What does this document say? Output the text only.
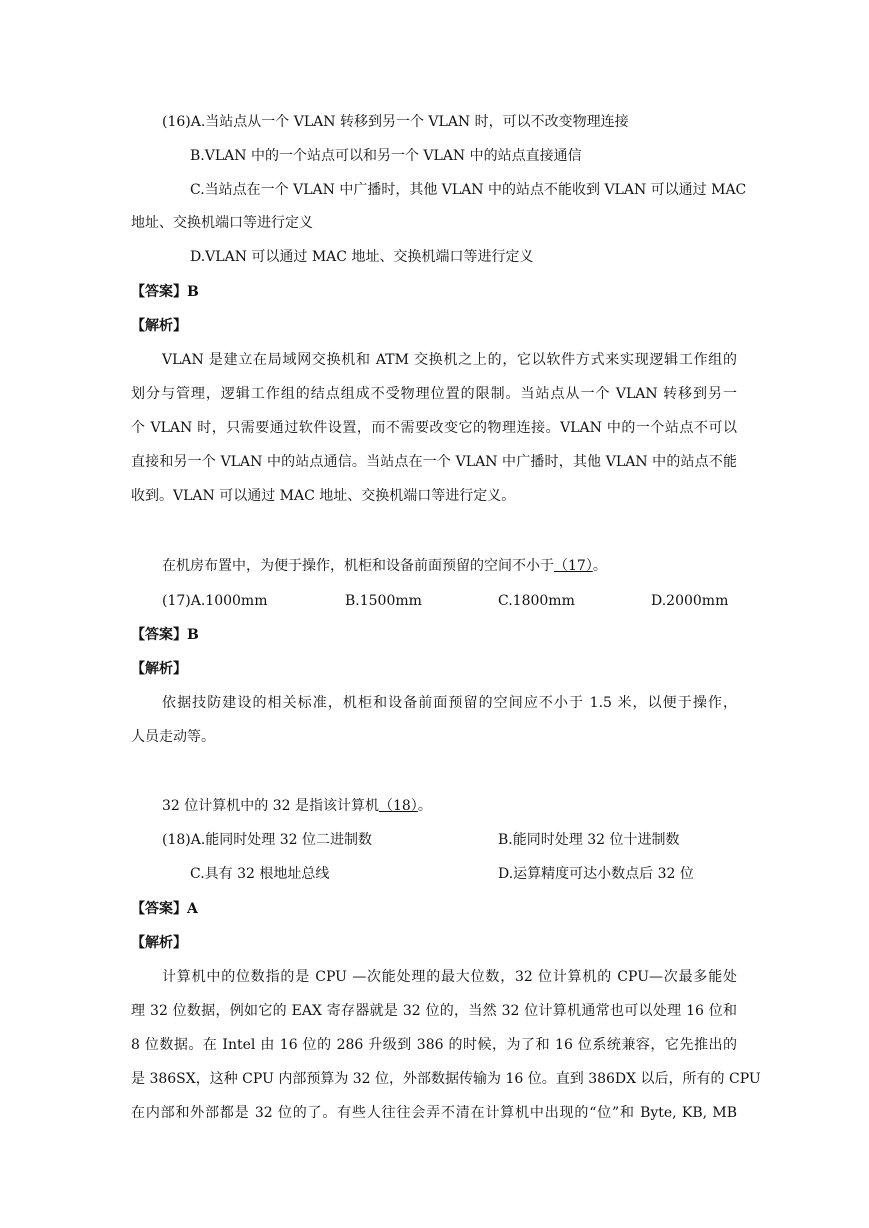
(16)A.当站点从一个 VLAN 转移到另一个 VLAN 时，可以不改变物理连接
B.VLAN 中的一个站点可以和另一个 VLAN 中的站点直接通信
C.当站点在一个 VLAN 中广播时，其他 VLAN 中的站点不能收到 VLAN 可以通过 MAC
地址、交换机端口等进行定义
D.VLAN 可以通过 MAC 地址、交换机端口等进行定义
【答案】B
【解析】
VLAN 是建立在局域网交换机和 ATM 交换机之上的，它以软件方式来实现逻辑工作组的
划分与管理，逻辑工作组的结点组成不受物理位置的限制。当站点从一个 VLAN 转移到另一
个 VLAN 时，只需要通过软件设置，而不需要改变它的物理连接。VLAN 中的一个站点不可以
直接和另一个 VLAN 中的站点通信。当站点在一个 VLAN 中广播时，其他 VLAN 中的站点不能
收到。VLAN 可以通过 MAC 地址、交换机端口等进行定义。
在机房布置中，为便于操作，机柜和设备前面预留的空间不小于（17）。
(17)A.1000mm	B.1500mm	C.1800mm	D.2000mm
【答案】B
【解析】
依据技防建设的相关标准，机柜和设备前面预留的空间应不小于 1.5 米，以便于操作，
人员走动等。
32 位计算机中的 32 是指该计算机（18）。
(18)A.能同时处理 32 位二进制数	B.能同时处理 32 位十进制数
C.具有 32 根地址总线	D.运算精度可达小数点后 32 位
【答案】A
【解析】
计算机中的位数指的是 CPU —次能处理的最大位数，32 位计算机的 CPU—次最多能处
理 32 位数据，例如它的 EAX 寄存器就是 32 位的，当然 32 位计算机通常也可以处理 16 位和
8 位数据。在 Intel 由 16 位的 286 升级到 386 的时候，为了和 16 位系统兼容，它先推出的
是 386SX，这种 CPU 内部预算为 32 位，外部数据传输为 16 位。直到 386DX 以后，所有的 CPU
在内部和外部都是 32 位的了。有些人往往会弄不清在计算机中出现的“位”和 Byte, KB, MB
